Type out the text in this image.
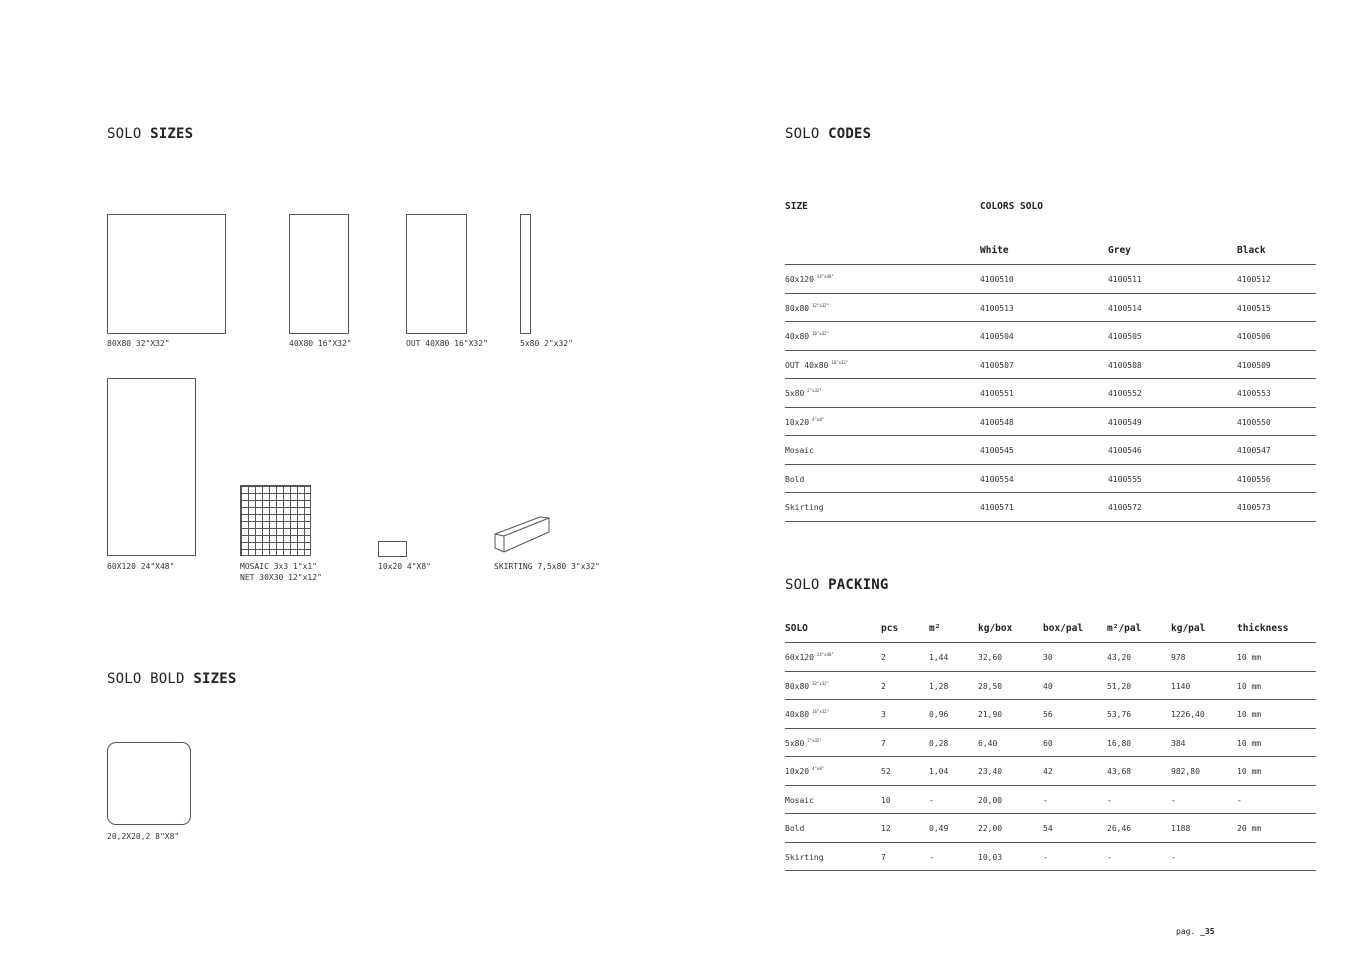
SOLO SIZES
80X80 32"X32"	40X80 16"X32"	OUT 40X80 16"X32"	5x80 2"x32"
60X120 24"X48"	MOSAIC 3x3 1"x1"
NET 30X30 12"x12"
10x20 4"X8"	SKIRTING 7,5x80 3"x32"
SOLO BOLD SIZES
20,2X20,2 8"X8"
SOLO CODES
SIZE	COLORS SOLO
White	Grey	Black
60x120 $^{24"x48"}$	4100510	4100511	4100512
80x80 $^{32"x32"}$	4100513	4100514	4100515
40x80 $^{16"x32"}$	4100504	4100505	4100506
OUT 40x80 $^{16"x32"}$	4100507	4100508	4100509
5x80 $^{2"x32"}$	4100551	4100552	4100553
10x20 $^{4"x8"}$	4100548	4100549	4100550
Mosaic	4100545	4100546	4100547
Bold	4100554	4100555	4100556
Skirting	4100571	4100572	4100573
SOLO PACKING
SOLO	pcs	m²	kg/box	box/pal	m²/pal	kg/pal	thickness
60x120 $^{24"x48"}$	2	1,44	32,60	30	43,20	978	10 mm
80x80 $^{32"x32"}$	2	1,28	28,50	40	51,20	1140	10 mm
40x80 $^{16"x32"}$	3	0,96	21,90	56	53,76	1226,40	10 mm
5x80 $^{2"x32"}$	7	0,28	6,40	60	16,80	384	10 mm
10x20 $^{4"x8"}$	52	1,04	23,40	42	43,68	982,80	10 mm
Mosaic	10	-	20,00	-	-	-	-
Bold	12	0,49	22,00	54	26,46	1188	20 mm
Skirting	7	-	10,03	-	-	-
pag. _35
